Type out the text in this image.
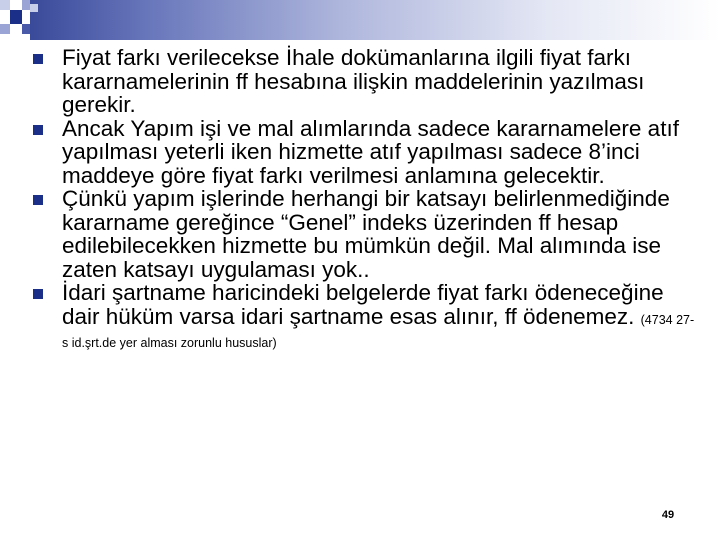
Fiyat farkı verilecekse İhale dokümanlarına ilgili fiyat farkı kararnamelerinin ff hesabına ilişkin maddelerinin yazılması gerekir.
Ancak Yapım işi ve mal alımlarında sadece kararnamelere atıf yapılması yeterli iken hizmette atıf yapılması sadece 8’inci maddeye göre fiyat farkı verilmesi anlamına gelecektir.
Çünkü yapım işlerinde herhangi bir katsayı belirlenmediğinde kararname gereğince “Genel” indeks üzerinden ff hesap edilebilecekken hizmette bu mümkün değil. Mal alımında ise zaten katsayı uygulaması yok..
İdari şartname haricindeki belgelerde fiyat farkı ödeneceğine dair hüküm varsa idari şartname esas alınır, ff ödenemez. (4734 27-s id.şrt.de yer alması zorunlu hususlar)
49
